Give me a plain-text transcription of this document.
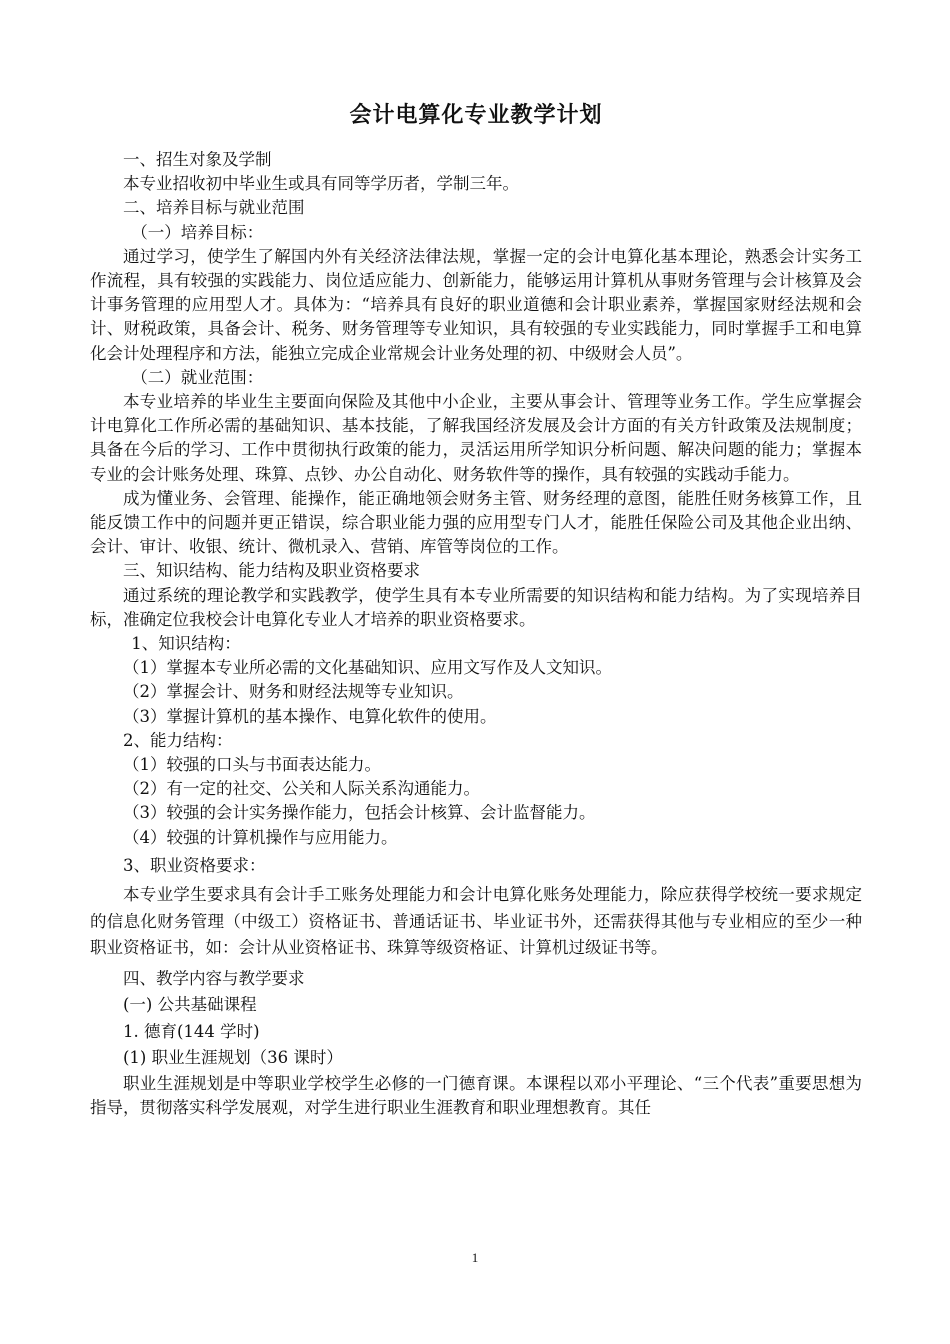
会计电算化专业教学计划

一、招生对象及学制

本专业招收初中毕业生或具有同等学历者，学制三年。

二、培养目标与就业范围

（一）培养目标：

通过学习，使学生了解国内外有关经济法律法规，掌握一定的会计电算化基本理论，熟悉会计实务工作流程，具有较强的实践能力、岗位适应能力、创新能力，能够运用计算机从事财务管理与会计核算及会计事务管理的应用型人才。具体为：“培养具有良好的职业道德和会计职业素养，掌握国家财经法规和会计、财税政策，具备会计、税务、财务管理等专业知识，具有较强的专业实践能力，同时掌握手工和电算化会计处理程序和方法，能独立完成企业常规会计业务处理的初、中级财会人员”。

（二）就业范围：

本专业培养的毕业生主要面向保险及其他中小企业，主要从事会计、管理等业务工作。学生应掌握会计电算化工作所必需的基础知识、基本技能，了解我国经济发展及会计方面的有关方针政策及法规制度；具备在今后的学习、工作中贯彻执行政策的能力，灵活运用所学知识分析问题、解决问题的能力；掌握本专业的会计账务处理、珠算、点钞、办公自动化、财务软件等的操作，具有较强的实践动手能力。

成为懂业务、会管理、能操作，能正确地领会财务主管、财务经理的意图，能胜任财务核算工作，且能反馈工作中的问题并更正错误，综合职业能力强的应用型专门人才，能胜任保险公司及其他企业出纳、会计、审计、收银、统计、微机录入、营销、库管等岗位的工作。

三、知识结构、能力结构及职业资格要求

通过系统的理论教学和实践教学，使学生具有本专业所需要的知识结构和能力结构。为了实现培养目标，准确定位我校会计电算化专业人才培养的职业资格要求。

1、知识结构：

（1）掌握本专业所必需的文化基础知识、应用文写作及人文知识。

（2）掌握会计、财务和财经法规等专业知识。

（3）掌握计算机的基本操作、电算化软件的使用。

2、能力结构：

（1）较强的口头与书面表达能力。

（2）有一定的社交、公关和人际关系沟通能力。

（3）较强的会计实务操作能力，包括会计核算、会计监督能力。

（4）较强的计算机操作与应用能力。

3、职业资格要求：

本专业学生要求具有会计手工账务处理能力和会计电算化账务处理能力，除应获得学校统一要求规定的信息化财务管理（中级工）资格证书、普通话证书、毕业证书外，还需获得其他与专业相应的至少一种职业资格证书，如：会计从业资格证书、珠算等级资格证、计算机过级证书等。

四、教学内容与教学要求

(一) 公共基础课程

1. 德育(144 学时)

(1) 职业生涯规划（36 课时）

职业生涯规划是中等职业学校学生必修的一门德育课。本课程以邓小平理论、“三个代表”重要思想为指导，贯彻落实科学发展观，对学生进行职业生涯教育和职业理想教育。其任

1
